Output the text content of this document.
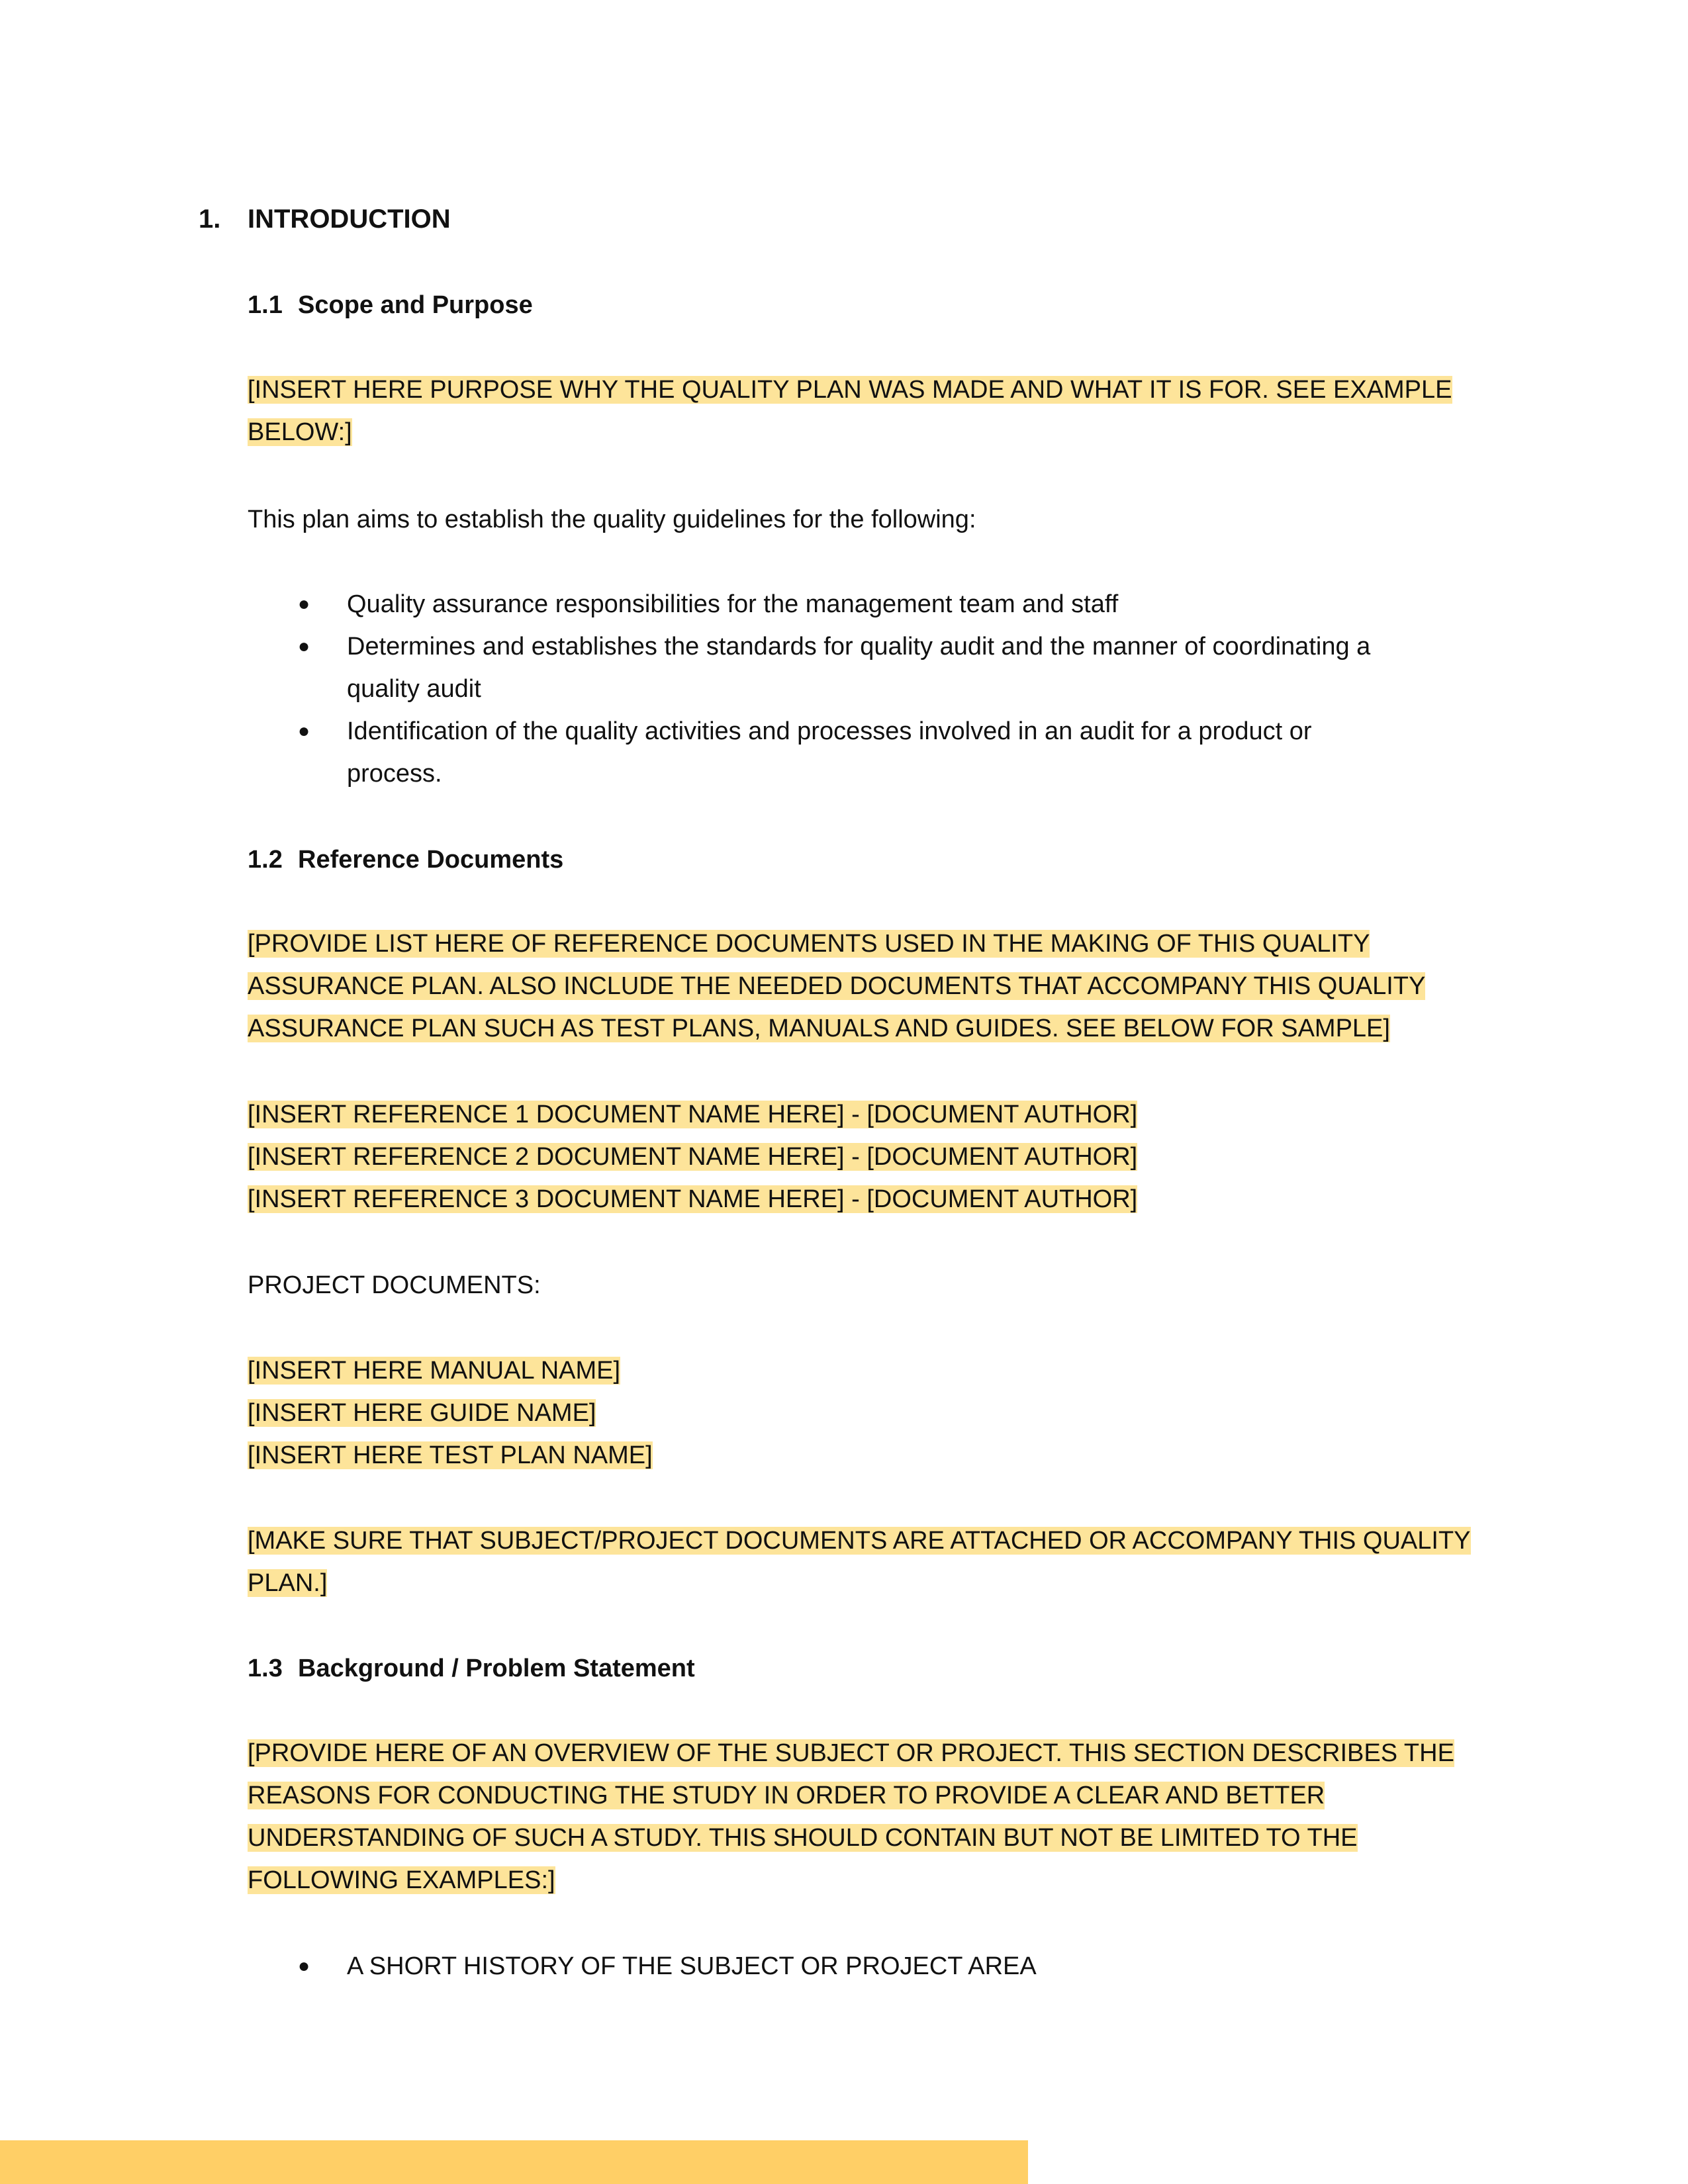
1. INTRODUCTION
1.1 Scope and Purpose
[INSERT HERE PURPOSE WHY THE QUALITY PLAN WAS MADE AND WHAT IT IS FOR. SEE EXAMPLE
BELOW:]
This plan aims to establish the quality guidelines for the following:
● Quality assurance responsibilities for the management team and staff
● Determines and establishes the standards for quality audit and the manner of coordinating a
quality audit
● Identification of the quality activities and processes involved in an audit for a product or
process.
1.2 Reference Documents
[PROVIDE LIST HERE OF REFERENCE DOCUMENTS USED IN THE MAKING OF THIS QUALITY
ASSURANCE PLAN. ALSO INCLUDE THE NEEDED DOCUMENTS THAT ACCOMPANY THIS QUALITY
ASSURANCE PLAN SUCH AS TEST PLANS, MANUALS AND GUIDES. SEE BELOW FOR SAMPLE]
[INSERT REFERENCE 1 DOCUMENT NAME HERE] - [DOCUMENT AUTHOR]
[INSERT REFERENCE 2 DOCUMENT NAME HERE] - [DOCUMENT AUTHOR]
[INSERT REFERENCE 3 DOCUMENT NAME HERE] - [DOCUMENT AUTHOR]
PROJECT DOCUMENTS:
[INSERT HERE MANUAL NAME]
[INSERT HERE GUIDE NAME]
[INSERT HERE TEST PLAN NAME]
[MAKE SURE THAT SUBJECT/PROJECT DOCUMENTS ARE ATTACHED OR ACCOMPANY THIS QUALITY
PLAN.]
1.3 Background / Problem Statement
[PROVIDE HERE OF AN OVERVIEW OF THE SUBJECT OR PROJECT. THIS SECTION DESCRIBES THE
REASONS FOR CONDUCTING THE STUDY IN ORDER TO PROVIDE A CLEAR AND BETTER
UNDERSTANDING OF SUCH A STUDY. THIS SHOULD CONTAIN BUT NOT BE LIMITED TO THE
FOLLOWING EXAMPLES:]
● A SHORT HISTORY OF THE SUBJECT OR PROJECT AREA
